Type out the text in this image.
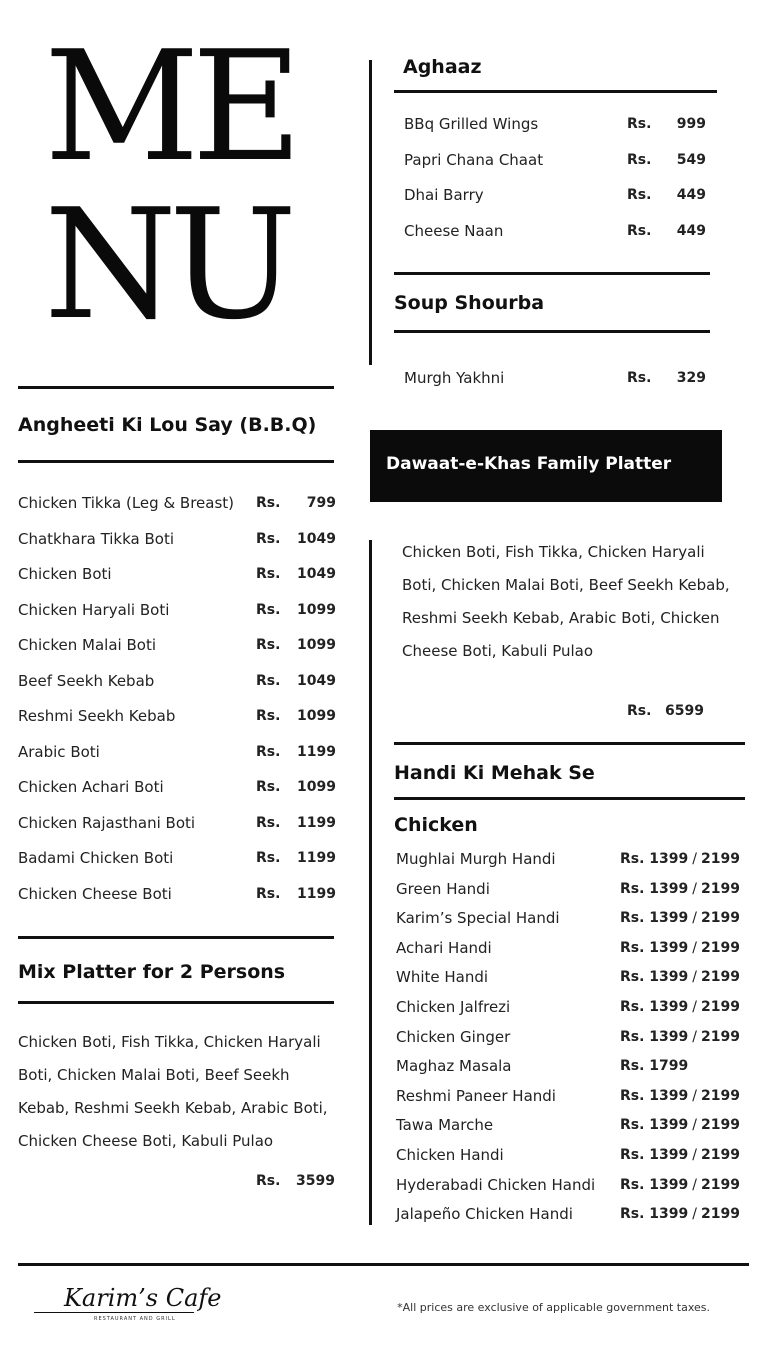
ME
NU
Angheeti Ki Lou Say (B.B.Q)
Chicken Tikka (Leg & Breast) Rs. 799
Chatkhara Tikka Boti	Rs. 1049
Chicken Boti	Rs. 1049
Chicken Haryali Boti	Rs. 1099
Chicken Malai Boti	Rs. 1099
Beef Seekh Kebab	Rs. 1049
Reshmi Seekh Kebab	Rs. 1099
Arabic Boti	Rs. 1199
Chicken Achari Boti	Rs. 1099
Chicken Rajasthani Boti	Rs. 1199
Badami Chicken Boti	Rs. 1199
Chicken Cheese Boti	Rs. 1199
Mix Platter for 2 Persons
Chicken Boti, Fish Tikka, Chicken Haryali Boti, Chicken Malai Boti, Beef Seekh Kebab, Reshmi Seekh Kebab, Arabic Boti, Chicken Cheese Boti, Kabuli Pulao
Rs. 3599
Aghaaz
BBq Grilled Wings	Rs. 999
Papri Chana Chaat	Rs. 549
Dhai Barry	Rs. 449
Cheese Naan	Rs. 449
Soup Shourba
Murgh Yakhni	Rs. 329
Dawaat-e-Khas Family Platter
Chicken Boti, Fish Tikka, Chicken Haryali Boti, Chicken Malai Boti, Beef Seekh Kebab, Reshmi Seekh Kebab, Arabic Boti, Chicken Cheese Boti, Kabuli Pulao
Rs. 6599
Handi Ki Mehak Se
Chicken
Mughlai Murgh Handi	Rs. 1399 / 2199
Green Handi	Rs. 1399 / 2199
Karim’s Special Handi	Rs. 1399 / 2199
Achari Handi	Rs. 1399 / 2199
White Handi	Rs. 1399 / 2199
Chicken Jalfrezi	Rs. 1399 / 2199
Chicken Ginger	Rs. 1399 / 2199
Maghaz Masala	Rs. 1799
Reshmi Paneer Handi	Rs. 1399 / 2199
Tawa Marche	Rs. 1399 / 2199
Chicken Handi	Rs. 1399 / 2199
Hyderabadi Chicken Handi Rs. 1399 / 2199
Jalapeño Chicken Handi	Rs. 1399 / 2199
Karim’s Cafe
RESTAURANT AND GRILL
*All prices are exclusive of applicable government taxes.
